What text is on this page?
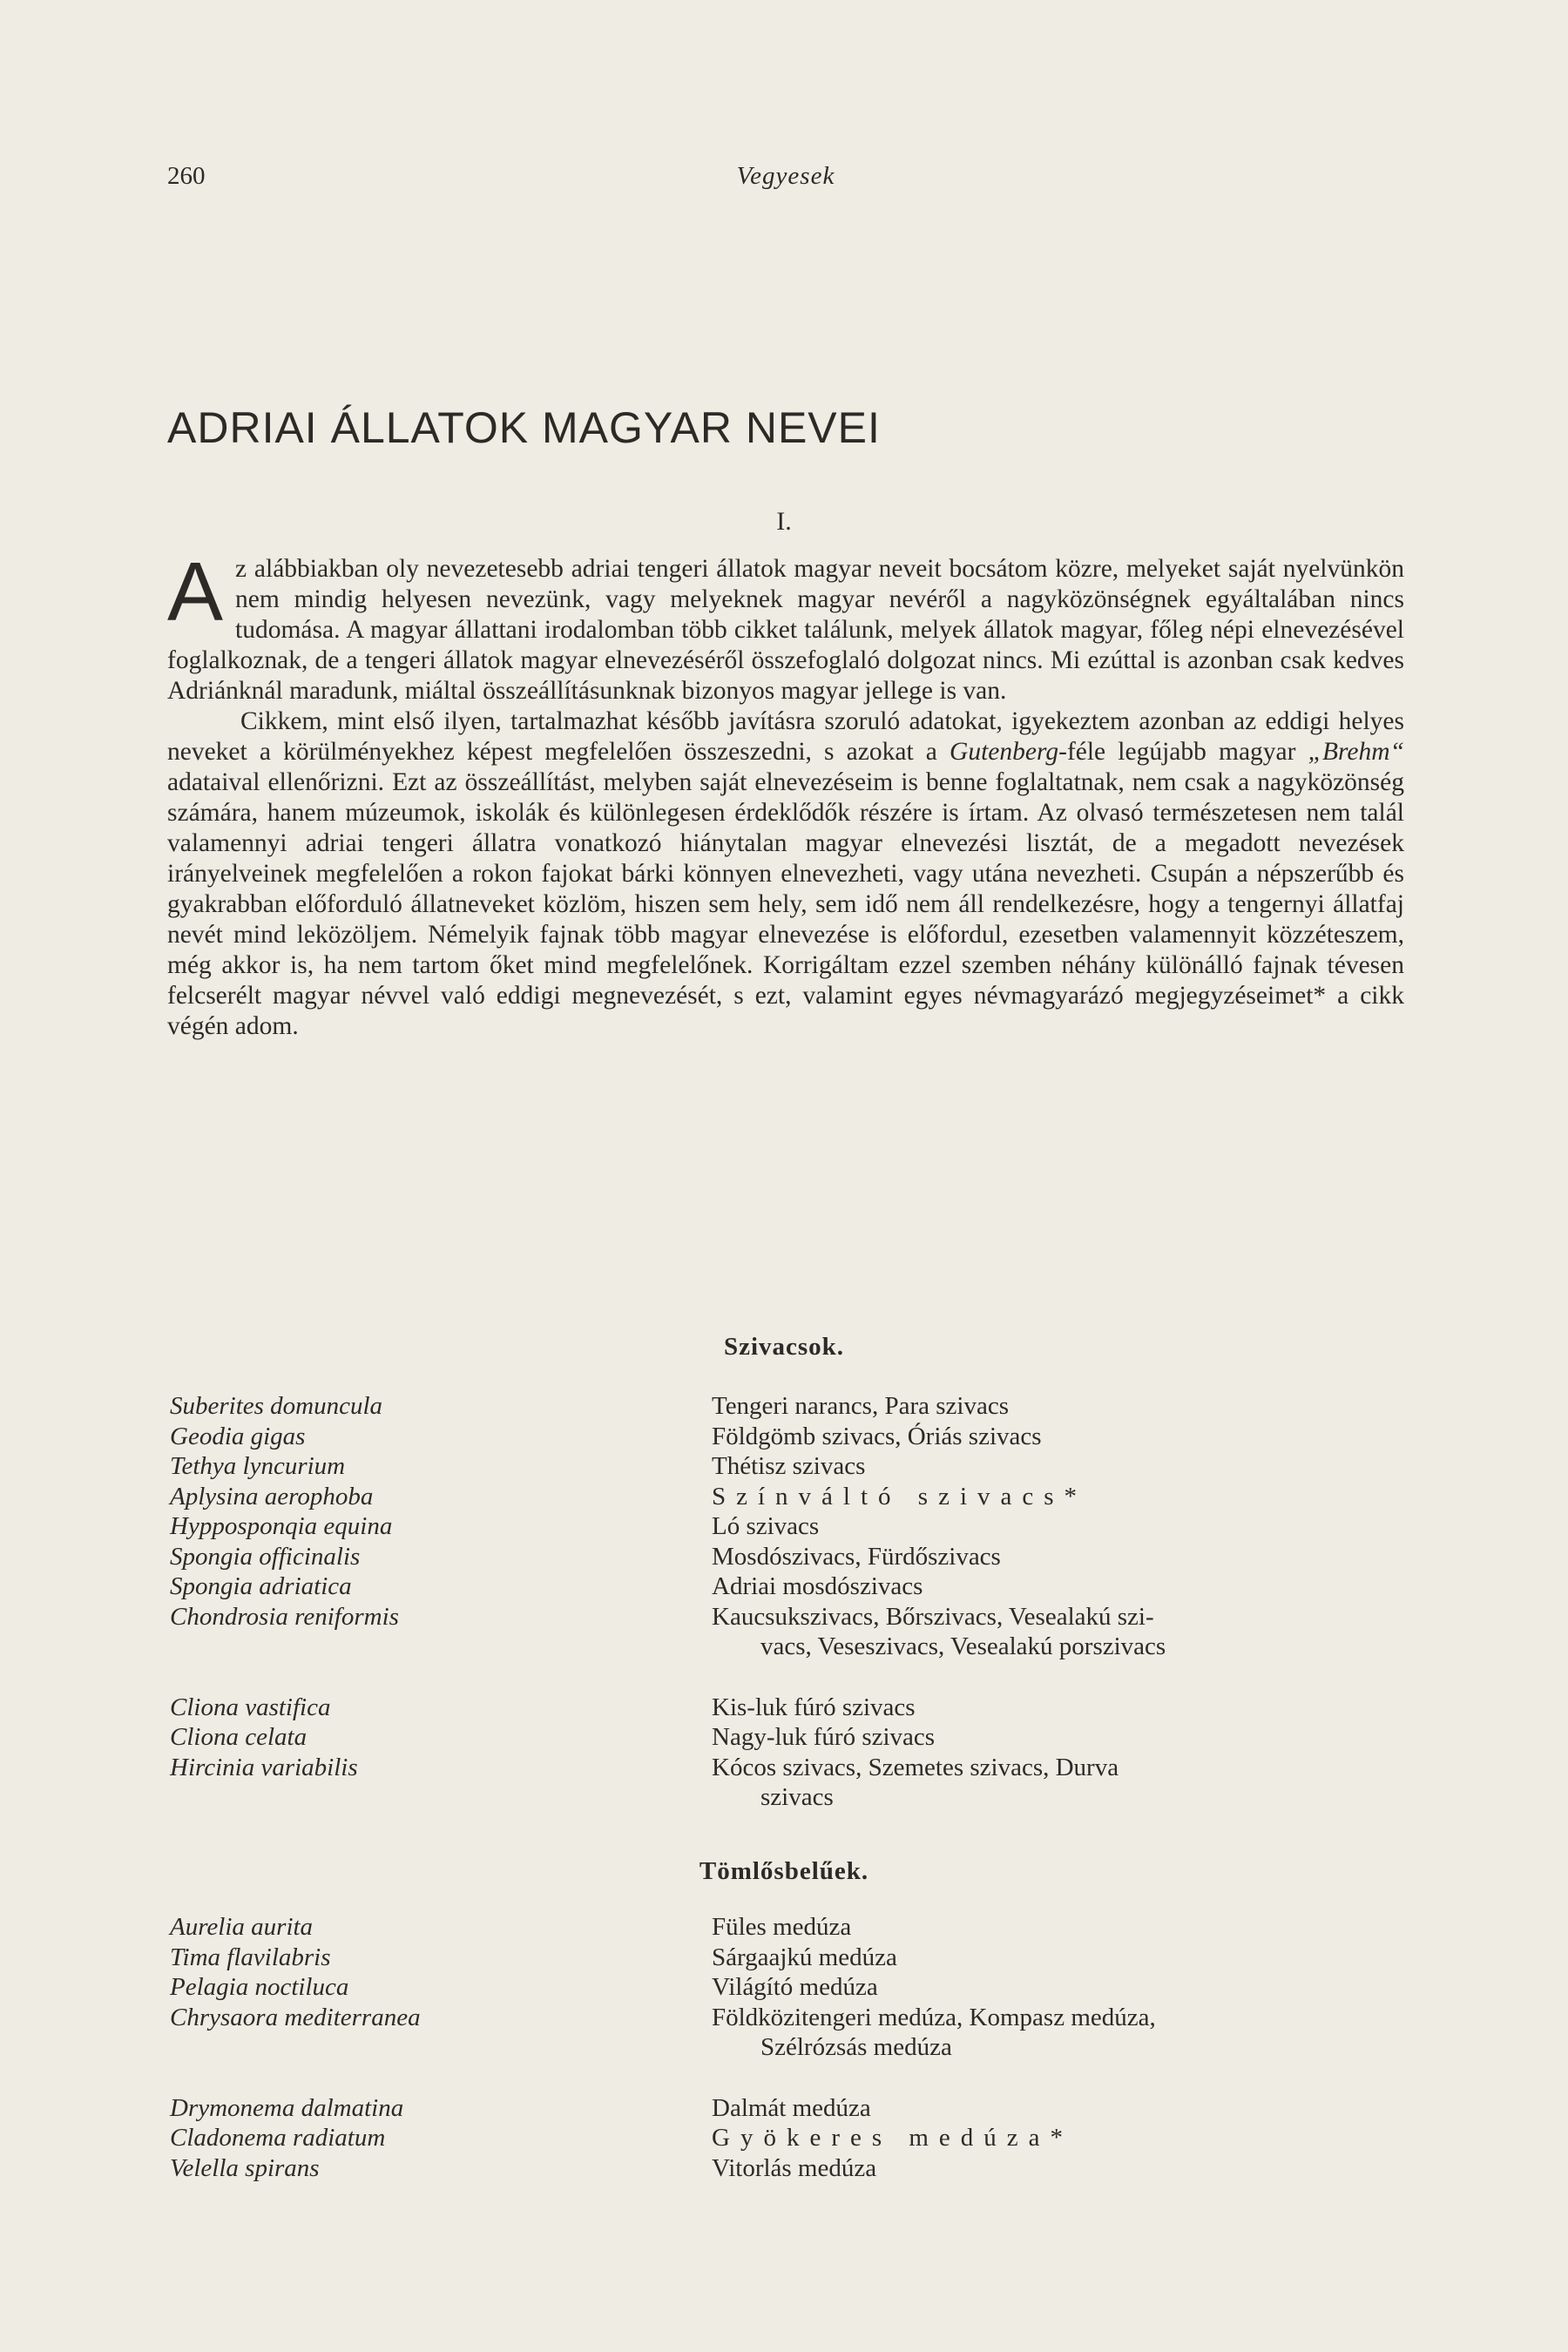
260	Vegyesek
ADRIAI ÁLLATOK MAGYAR NEVEI
I.

Az alábbiakban oly nevezetesebb adriai tengeri állatok magyar neveit bocsátom közre, melyeket saját nyelvünkön nem mindig helyesen nevezünk, vagy melyeknek magyar nevéről a nagyközönségnek egyáltalában nincs tudomása. A magyar állattani irodalomban több cikket találunk, melyek állatok magyar, főleg népi elnevezésével foglalkoznak, de a tengeri állatok magyar elnevezéséről összefoglaló dolgozat nincs. Mi ezúttal is azonban csak kedves Adriánknál maradunk, miáltal összeállításunknak bizonyos magyar jellege is van.

Cikkem, mint első ilyen, tartalmazhat később javításra szoruló adatokat, igyekeztem azonban az eddigi helyes neveket a körülményekhez képest megfelelően összeszedni, s azokat a Gutenberg-féle legújabb magyar „Brehm“ adataival ellenőrizni. Ezt az összeállítást, melyben saját elnevezéseim is benne foglaltatnak, nem csak a nagyközönség számára, hanem múzeumok, iskolák és különlegesen érdeklődők részére is írtam. Az olvasó természetesen nem talál valamennyi adriai tengeri állatra vonatkozó hiánytalan magyar elnevezési lisztát, de a megadott nevezések irányelveinek megfelelően a rokon fajokat bárki könnyen elnevezheti, vagy utána nevezheti. Csupán a népszerűbb és gyakrabban előforduló állatneveket közlöm, hiszen sem hely, sem idő nem áll rendelkezésre, hogy a tengernyi állatfaj nevét mind leközöljem. Némelyik fajnak több magyar elnevezése is előfordul, ezesetben valamennyit közzéteszem, még akkor is, ha nem tartom őket mind megfelelőnek. Korrigáltam ezzel szemben néhány különálló fajnak tévesen felcserélt magyar névvel való eddigi megnevezését, s ezt, valamint egyes névmagyarázó megjegyzéseimet* a cikk végén adom.

Szivacsok.
Suberites domuncula	Tengeri narancs, Para szivacs
Geodia gigas	Földgömb szivacs, Óriás szivacs
Tethya lyncurium	Thétisz szivacs
Aplysina aerophoba	Színváltó szivacs*
Hypposponqia equina	Ló szivacs
Spongia officinalis	Mosdószivacs, Fürdőszivacs
Spongia adriatica	Adriai mosdószivacs
Chondrosia reniformis	Kaucsukszivacs, Bőrszivacs, Vesealakú szi-
vacs, Veseszivacs, Vesealakú porszivacs
Cliona vastifica	Kis-luk fúró szivacs
Cliona celata	Nagy-luk fúró szivacs
Hircinia variabilis	Kócos szivacs, Szemetes szivacs, Durva
szivacs
Tömlősbelűek.
Aurelia aurita	Füles medúza
Tima flavilabris	Sárgaajkú medúza
Pelagia noctiluca	Világító medúza
Chrysaora mediterranea	Földközitengeri medúza, Kompasz medúza,
Szélrózsás medúza
Drymonema dalmatina	Dalmát medúza
Cladonema radiatum	Gyökeres medúza*
Velella spirans	Vitorlás medúza
